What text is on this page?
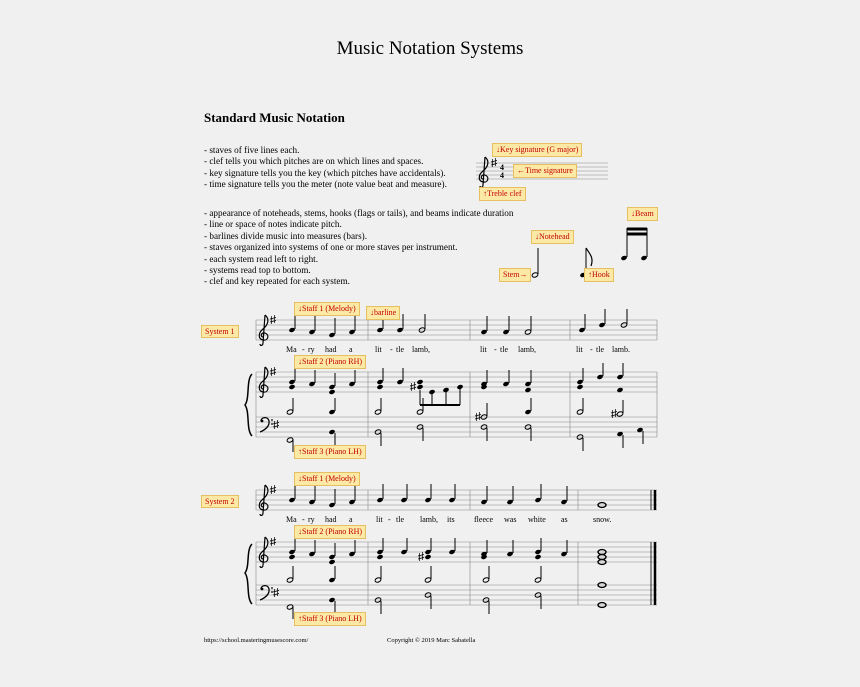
Music Notation Systems
Standard Music Notation
- staves of five lines each.
- clef tells you which pitches are on which lines and spaces.
- key signature tells you the key (which pitches have accidentals).
- time signature tells you the meter (note value beat and measure).
- appearance of noteheads, stems, hooks (flags or tails), and beams indicate duration
- line or space of notes indicate pitch.
- barlines divide music into measures (bars).
- staves organized into systems of one or more staves per instrument.
- each system read left to right.
- systems read top to bottom.
- clef and key repeated for each system.
4
4
↓Key signature (G major)
←Time signature
↑Treble clef
↓Notehead
↓Beam
Stem→	↑Hook
System 1
↓Staff 1 (Melody)	↓barline
↓Staff 2 (Piano RH)
↑Staff 3 (Piano LH)
System 2
↓Staff 1 (Melody)
↓Staff 2 (Piano RH)
↑Staff 3 (Piano LH)
Ma - ry had a	lit - tle lamb,	lit - tle lamb,	lit - tle lamb.
Ma - ry had a	lit - tle lamb, its fleece was white as	snow.
https://school.masteringmusescore.com/	Copyright © 2019 Marc Sabatella
